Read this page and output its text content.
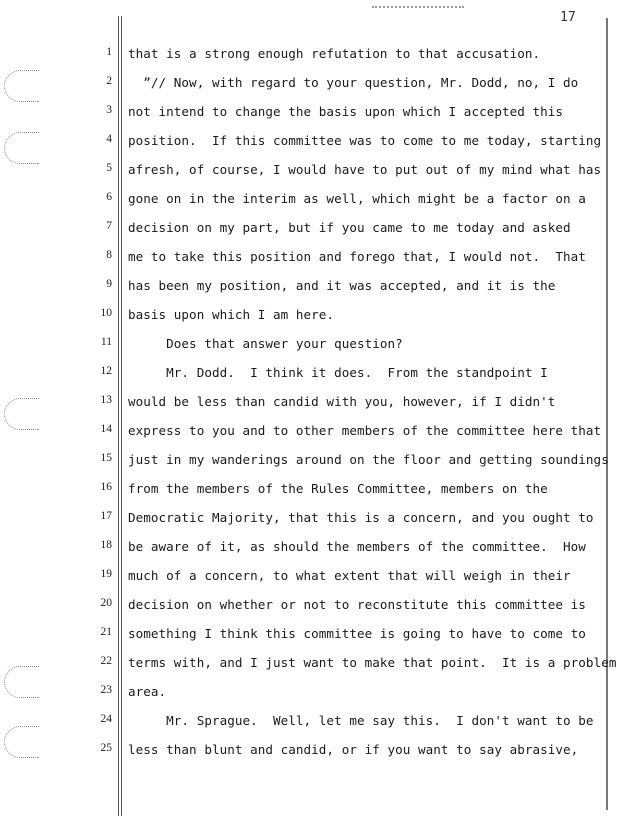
17
1
2
3
4
5
6
7
8
9
10
11
12
13
14
15
16
17
18
19
20
21
22
23
24
25
that is a strong enough refutation to that accusation.
”// Now, with regard to your question, Mr. Dodd, no, I do
not intend to change the basis upon which I accepted this
position.  If this committee was to come to me today, starting
afresh, of course, I would have to put out of my mind what has
gone on in the interim as well, which might be a factor on a
decision on my part, but if you came to me today and asked
me to take this position and forego that, I would not.  That
has been my position, and it was accepted, and it is the
basis upon which I am here.
Does that answer your question?
Mr. Dodd.  I think it does.  From the standpoint I
would be less than candid with you, however, if I didn't
express to you and to other members of the committee here that
just in my wanderings around on the floor and getting soundings
from the members of the Rules Committee, members on the
Democratic Majority, that this is a concern, and you ought to
be aware of it, as should the members of the committee.  How
much of a concern, to what extent that will weigh in their
decision on whether or not to reconstitute this committee is
something I think this committee is going to have to come to
terms with, and I just want to make that point.  It is a problem
area.
Mr. Sprague.  Well, let me say this.  I don't want to be
less than blunt and candid, or if you want to say abrasive,
